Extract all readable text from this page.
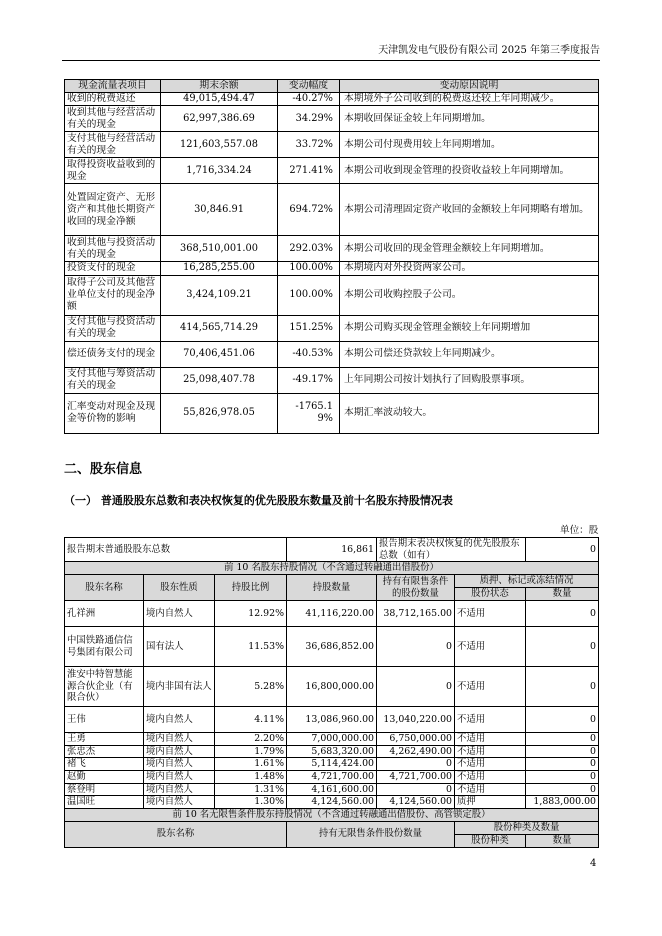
天津凯发电气股份有限公司 2025 年第三季度报告
现金流量表项目	期末余额	变动幅度	变动原因说明
收到的税费返还	49,015,494.47	-40.27%	本期境外子公司收到的税费返还较上年同期减少。
收到其他与经营活动有关的现金	62,997,386.69	34.29%	本期收回保证金较上年同期增加。
支付其他与经营活动有关的现金	121,603,557.08	33.72%	本期公司付现费用较上年同期增加。
取得投资收益收到的现金	1,716,334.24	271.41%	本期公司收到现金管理的投资收益较上年同期增加。
处置固定资产、无形资产和其他长期资产收回的现金净额	30,846.91	694.72%	本期公司清理固定资产收回的金额较上年同期略有增加。
收到其他与投资活动有关的现金	368,510,001.00	292.03%	本期公司收回的现金管理金额较上年同期增加。
投资支付的现金	16,285,255.00	100.00%	本期境内对外投资两家公司。
取得子公司及其他营业单位支付的现金净额	3,424,109.21	100.00%	本期公司收购控股子公司。
支付其他与投资活动有关的现金	414,565,714.29	151.25%	本期公司购买现金管理金额较上年同期增加
偿还债务支付的现金	70,406,451.06	-40.53%	本期公司偿还贷款较上年同期减少。
支付其他与筹资活动有关的现金	25,098,407.78	-49.17%	上年同期公司按计划执行了回购股票事项。
汇率变动对现金及现金等价物的影响	55,826,978.05	-1765.19%	本期汇率波动较大。
二、股东信息
（一） 普通股股东总数和表决权恢复的优先股股东数量及前十名股东持股情况表
单位：股
报告期末普通股股东总数			16,861	报告期末表决权恢复的优先股股东总数（如有）		0
前 10 名股东持股情况（不含通过转融通出借股份）						
股东名称	股东性质	持股比例	持股数量	持有有限售条件的股份数量	质押、标记或冻结情况	
					股份状态	数量
孔祥洲	境内自然人	12.92%	41,116,220.00	38,712,165.00	不适用	0
中国铁路通信信号集团有限公司	国有法人	11.53%	36,686,852.00	0	不适用	0
淮安中特智慧能源合伙企业（有限合伙）	境内非国有法人	5.28%	16,800,000.00	0	不适用	0
王伟	境内自然人	4.11%	13,086,960.00	13,040,220.00	不适用	0
王勇	境内自然人	2.20%	7,000,000.00	6,750,000.00	不适用	0
张忠杰	境内自然人	1.79%	5,683,320.00	4,262,490.00	不适用	0
褚飞	境内自然人	1.61%	5,114,424.00	0	不适用	0
赵勤	境内自然人	1.48%	4,721,700.00	4,721,700.00	不适用	0
蔡登明	境内自然人	1.31%	4,161,600.00	0	不适用	0
温国旺	境内自然人	1.30%	4,124,560.00	4,124,560.00	质押	1,883,000.00
前 10 名无限售条件股东持股情况（不含通过转融通出借股份、高管锁定股）						
股东名称			持有无限售条件股份数量		股份种类及数量	
					股份种类	数量
4
